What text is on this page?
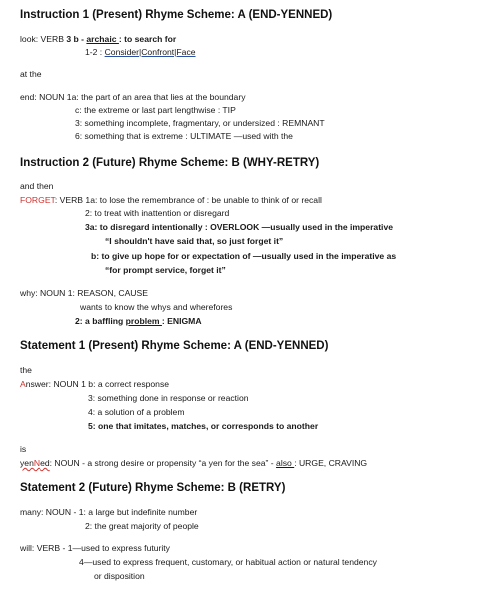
Instruction 1 (Present) Rhyme Scheme: A (END-YENNED)
look: VERB 3 b - archaic : to search for
1-2 : Consider|Confront|Face
at the
end: NOUN 1a: the part of an area that lies at the boundary
c: the extreme or last part lengthwise : TIP
3: something incomplete, fragmentary, or undersized : REMNANT
6: something that is extreme : ULTIMATE —used with the
Instruction 2 (Future) Rhyme Scheme: B (WHY-RETRY)
and then
FORGET: VERB 1a: to lose the remembrance of : be unable to think of or recall
2: to treat with inattention or disregard
3a: to disregard intentionally : OVERLOOK —usually used in the imperative
“I shouldn't have said that, so just forget it”
b: to give up hope for or expectation of —usually used in the imperative as
“for prompt service, forget it”
why: NOUN 1: REASON, CAUSE
wants to know the whys and wherefores
2: a baffling problem : ENIGMA
Statement 1 (Present) Rhyme Scheme: A (END-YENNED)
the
Answer: NOUN 1 b: a correct response
3: something done in response or reaction
4: a solution of a problem
5: one that imitates, matches, or corresponds to another
is
yenNed: NOUN - a strong desire or propensity “a yen for the sea” - also : URGE, CRAVING
Statement 2 (Future) Rhyme Scheme: B (RETRY)
many: NOUN - 1: a large but indefinite number
2: the great majority of people
will: VERB - 1—used to express futurity
4—used to express frequent, customary, or habitual action or natural tendency
or disposition
